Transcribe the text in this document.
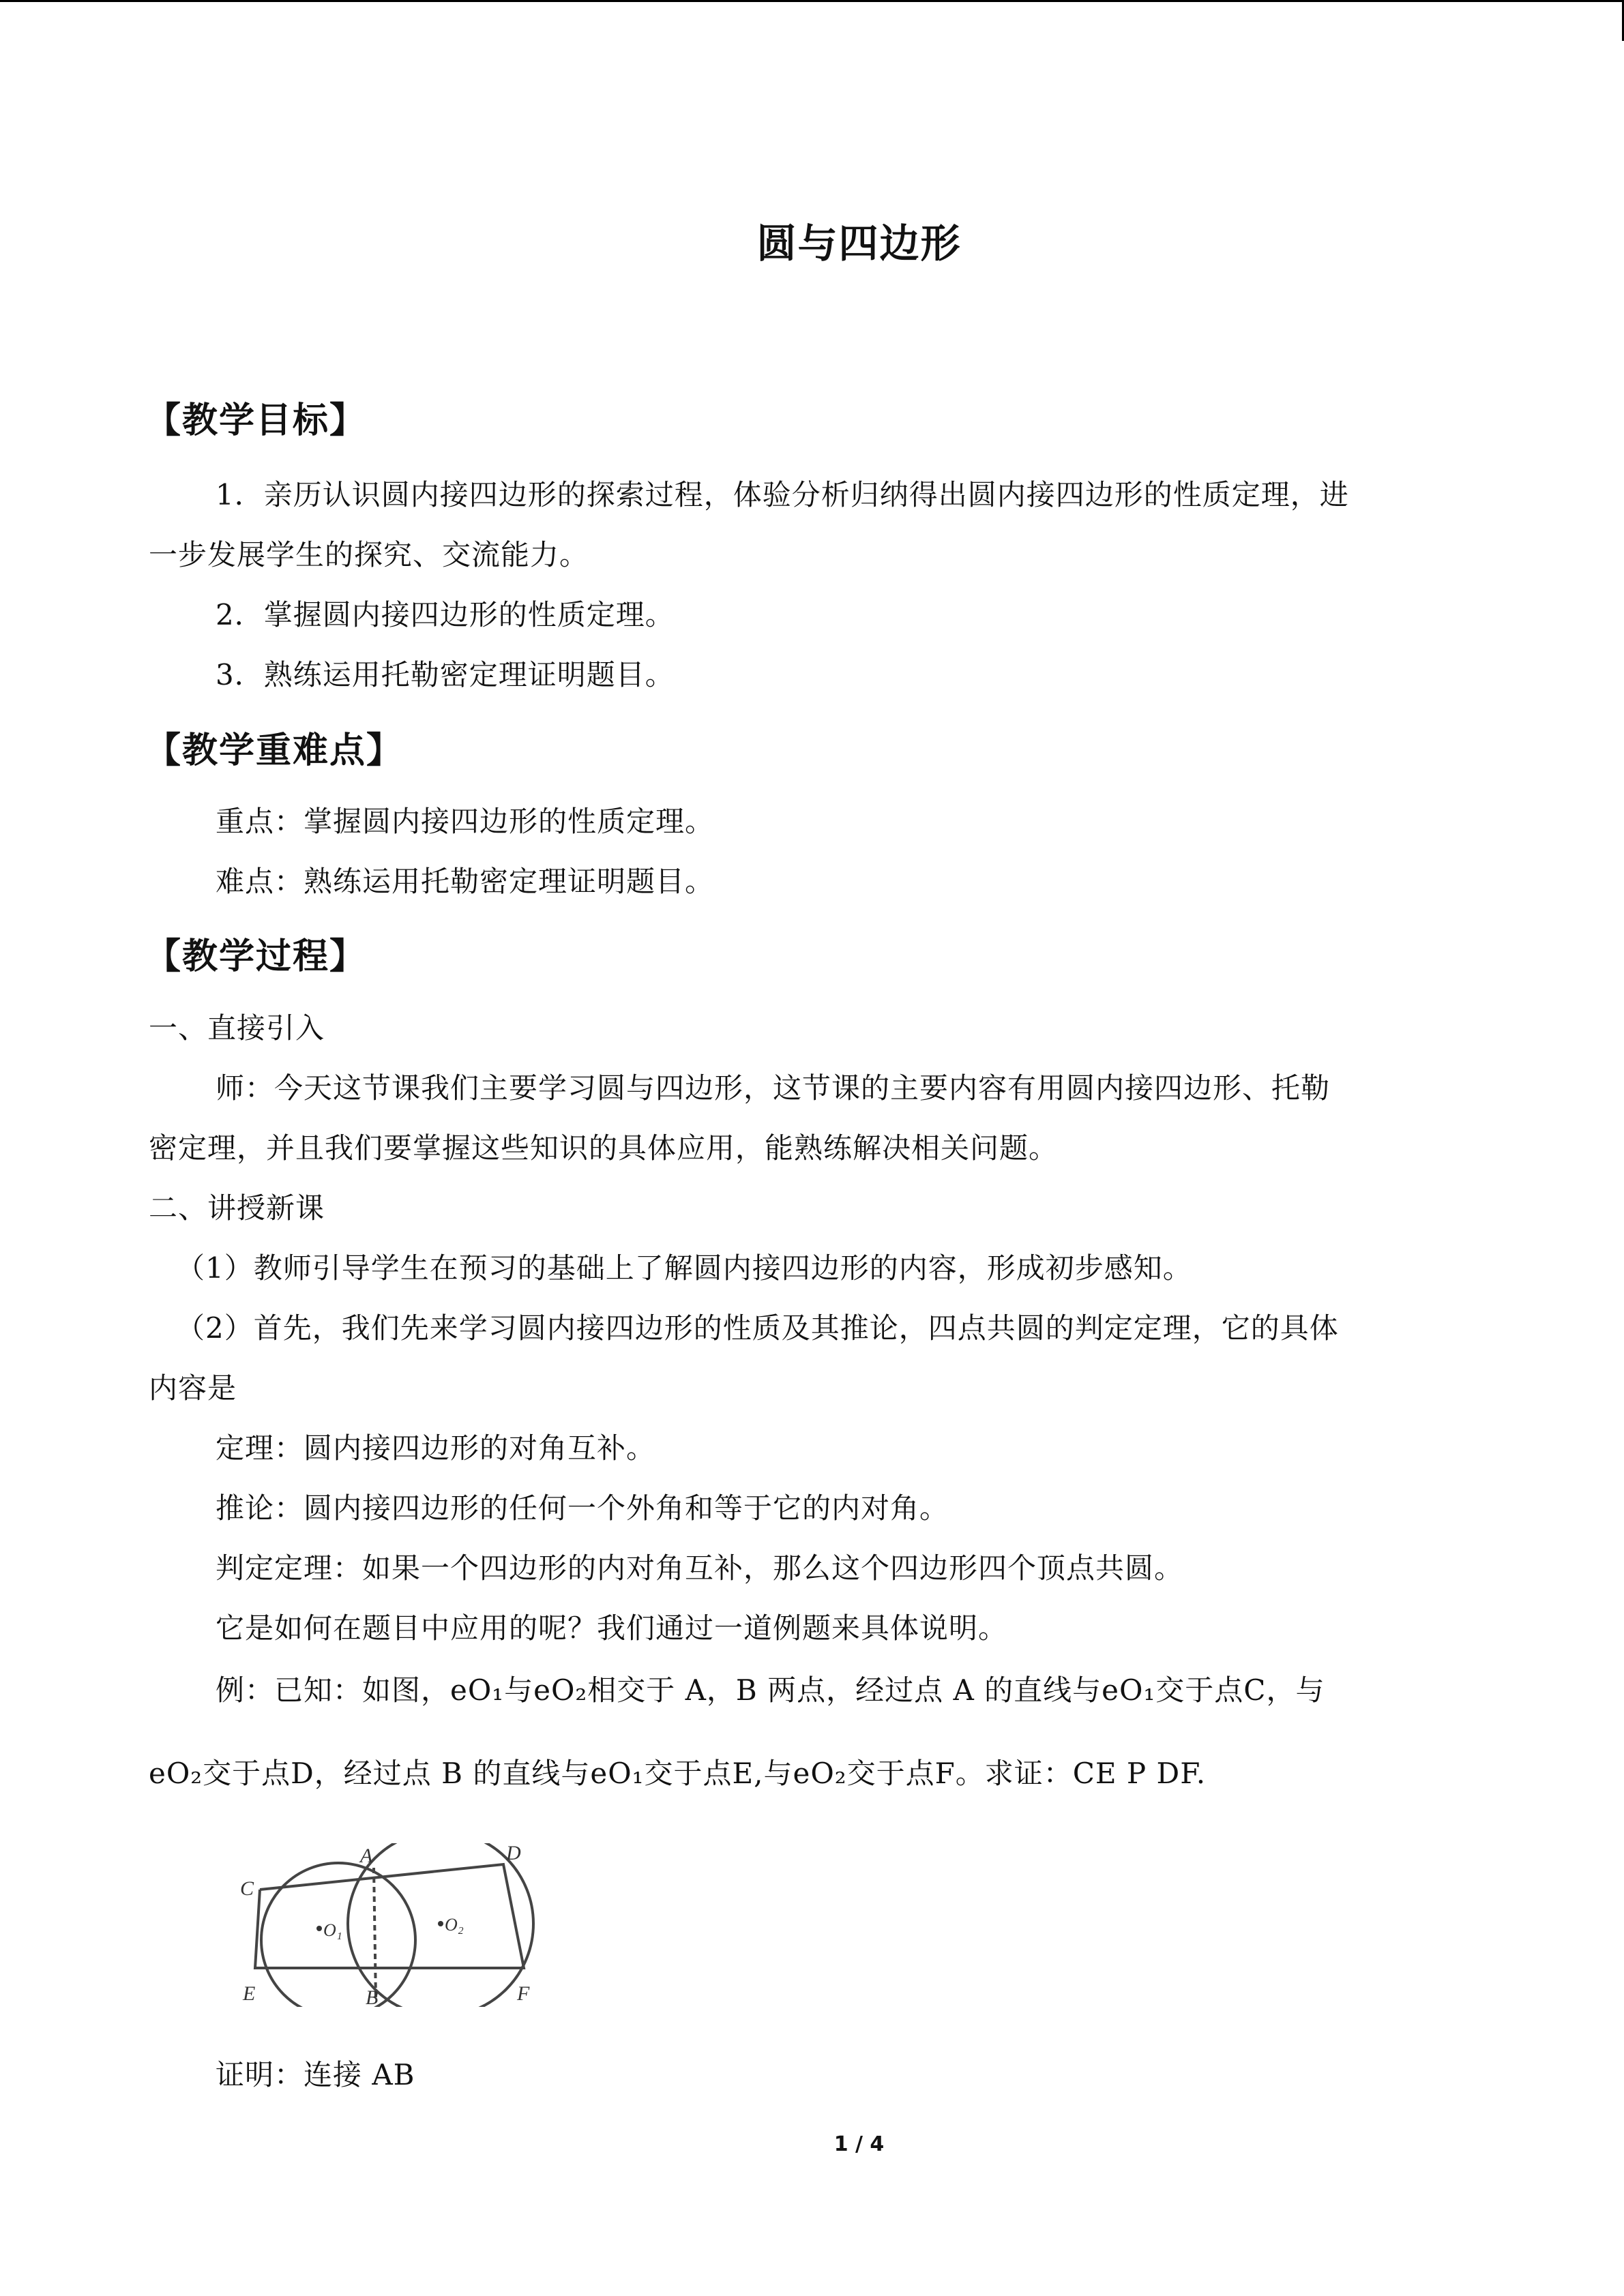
圆与四边形
【教学目标】
1．亲历认识圆内接四边形的探索过程，体验分析归纳得出圆内接四边形的性质定理，进
一步发展学生的探究、交流能力。
2．掌握圆内接四边形的性质定理。
3．熟练运用托勒密定理证明题目。
【教学重难点】
重点：掌握圆内接四边形的性质定理。
难点：熟练运用托勒密定理证明题目。
【教学过程】
一、直接引入
师：今天这节课我们主要学习圆与四边形，这节课的主要内容有用圆内接四边形、托勒
密定理，并且我们要掌握这些知识的具体应用，能熟练解决相关问题。
二、讲授新课
（1）教师引导学生在预习的基础上了解圆内接四边形的内容，形成初步感知。
（2）首先，我们先来学习圆内接四边形的性质及其推论，四点共圆的判定定理，它的具体
内容是
定理：圆内接四边形的对角互补。
推论：圆内接四边形的任何一个外角和等于它的内对角。
判定定理：如果一个四边形的内对角互补，那么这个四边形四个顶点共圆。
它是如何在题目中应用的呢？我们通过一道例题来具体说明。
例：已知：如图，eO₁与eO₂相交于 A，B 两点，经过点 A 的直线与eO₁交于点C，与
eO₂交于点D，经过点 B 的直线与eO₁交于点E,与eO₂交于点F。求证：CE P DF.
A
B
C
D
E	F
O₁	O₂
证明：连接 AB
1 / 4
